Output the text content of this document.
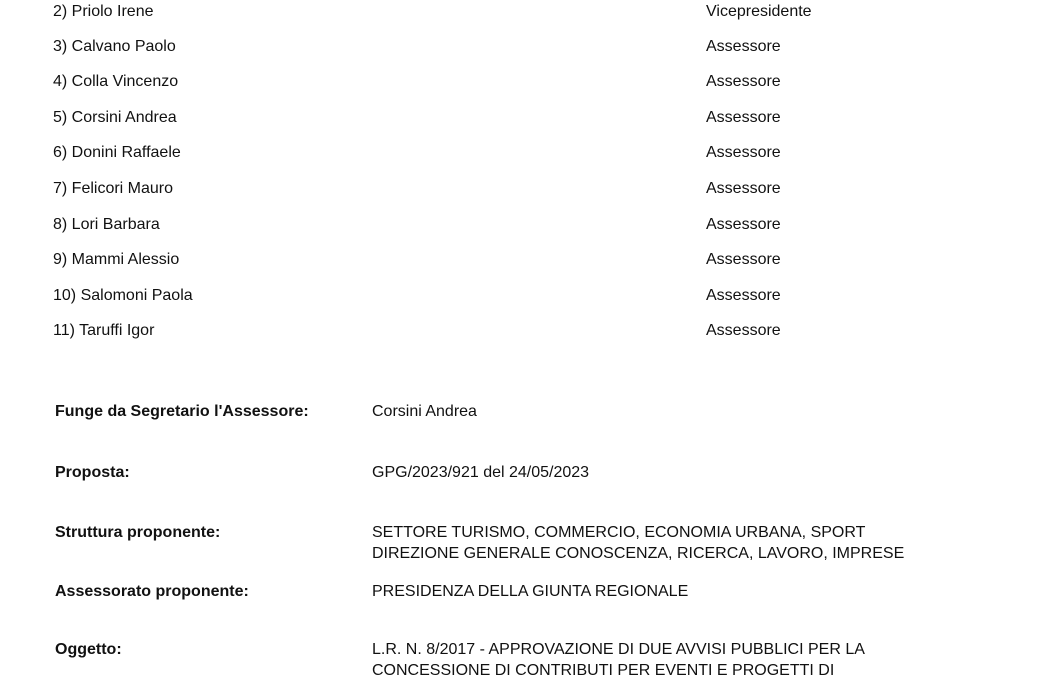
2) Priolo Irene	Vicepresidente
3) Calvano Paolo	Assessore
4) Colla Vincenzo	Assessore
5) Corsini Andrea	Assessore
6) Donini Raffaele	Assessore
7) Felicori Mauro	Assessore
8) Lori Barbara	Assessore
9) Mammi Alessio	Assessore
10) Salomoni Paola	Assessore
11) Taruffi Igor	Assessore
Funge da Segretario l'Assessore:	Corsini Andrea
Proposta:	GPG/2023/921 del 24/05/2023
Struttura proponente:	SETTORE TURISMO, COMMERCIO, ECONOMIA URBANA, SPORT
DIREZIONE GENERALE CONOSCENZA, RICERCA, LAVORO, IMPRESE
Assessorato proponente:	PRESIDENZA DELLA GIUNTA REGIONALE
Oggetto:	L.R. N. 8/2017 - APPROVAZIONE DI DUE AVVISI PUBBLICI PER LA
CONCESSIONE DI CONTRIBUTI PER EVENTI E PROGETTI DI
